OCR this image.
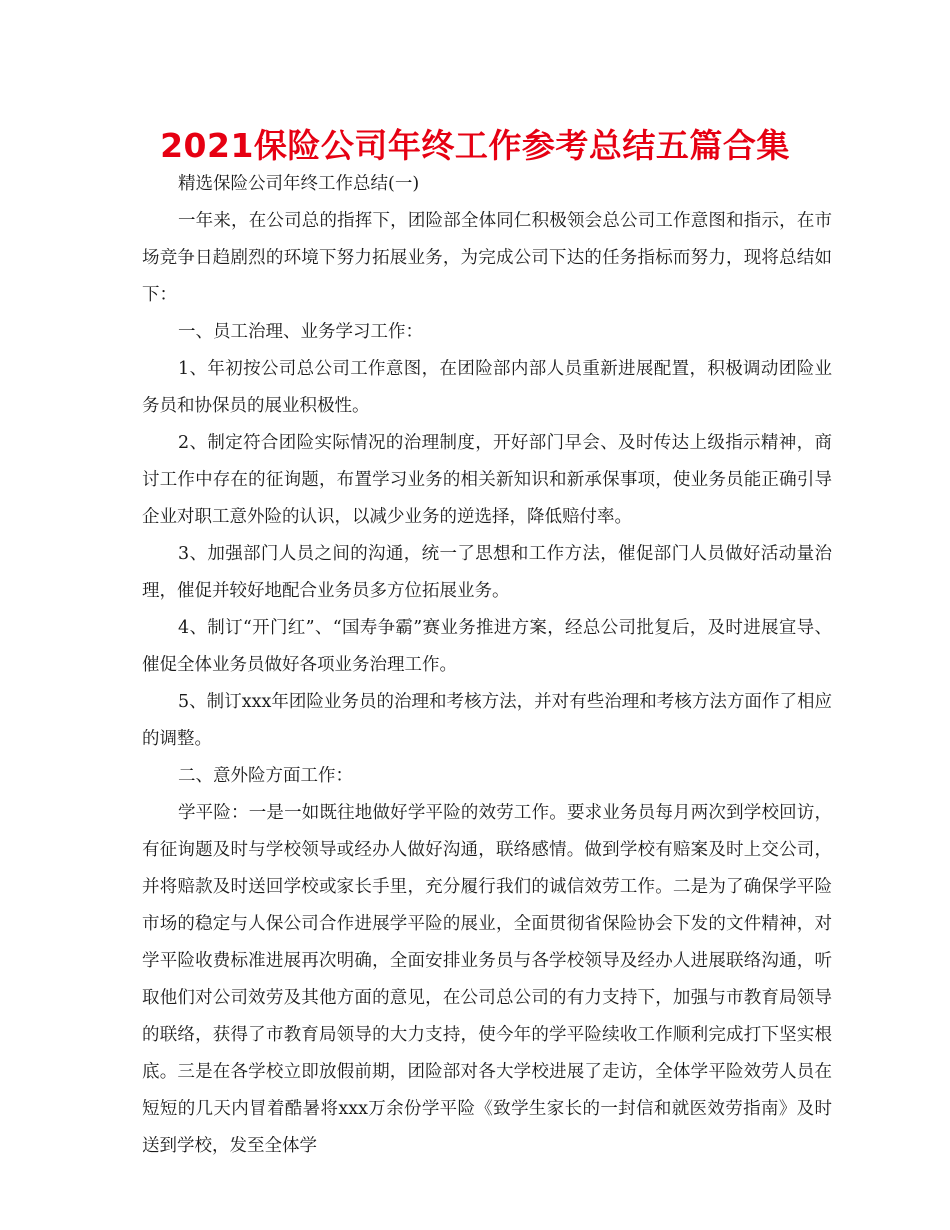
2021保险公司年终工作参考总结五篇合集

精选保险公司年终工作总结(一)

一年来，在公司总的指挥下，团险部全体同仁积极领会总公司工作意图和指示，在市场竞争日趋剧烈的环境下努力拓展业务，为完成公司下达的任务指标而努力，现将总结如下：

一、员工治理、业务学习工作：

1、年初按公司总公司工作意图，在团险部内部人员重新进展配置，积极调动团险业务员和协保员的展业积极性。

2、制定符合团险实际情况的治理制度，开好部门早会、及时传达上级指示精神，商讨工作中存在的征询题，布置学习业务的相关新知识和新承保事项，使业务员能正确引导企业对职工意外险的认识，以减少业务的逆选择，降低赔付率。

3、加强部门人员之间的沟通，统一了思想和工作方法，催促部门人员做好活动量治理，催促并较好地配合业务员多方位拓展业务。

4、制订“开门红”、“国寿争霸”赛业务推进方案，经总公司批复后，及时进展宣导、催促全体业务员做好各项业务治理工作。

5、制订xxx年团险业务员的治理和考核方法，并对有些治理和考核方法方面作了相应的调整。

二、意外险方面工作：

学平险：一是一如既往地做好学平险的效劳工作。要求业务员每月两次到学校回访，有征询题及时与学校领导或经办人做好沟通，联络感情。做到学校有赔案及时上交公司，并将赔款及时送回学校或家长手里，充分履行我们的诚信效劳工作。二是为了确保学平险市场的稳定与人保公司合作进展学平险的展业，全面贯彻省保险协会下发的文件精神，对学平险收费标准进展再次明确，全面安排业务员与各学校领导及经办人进展联络沟通，听取他们对公司效劳及其他方面的意见，在公司总公司的有力支持下，加强与市教育局领导的联络，获得了市教育局领导的大力支持，使今年的学平险续收工作顺利完成打下坚实根底。三是在各学校立即放假前期，团险部对各大学校进展了走访，全体学平险效劳人员在短短的几天内冒着酷暑将xxx万余份学平险《致学生家长的一封信和就医效劳指南》及时送到学校，发至全体学
